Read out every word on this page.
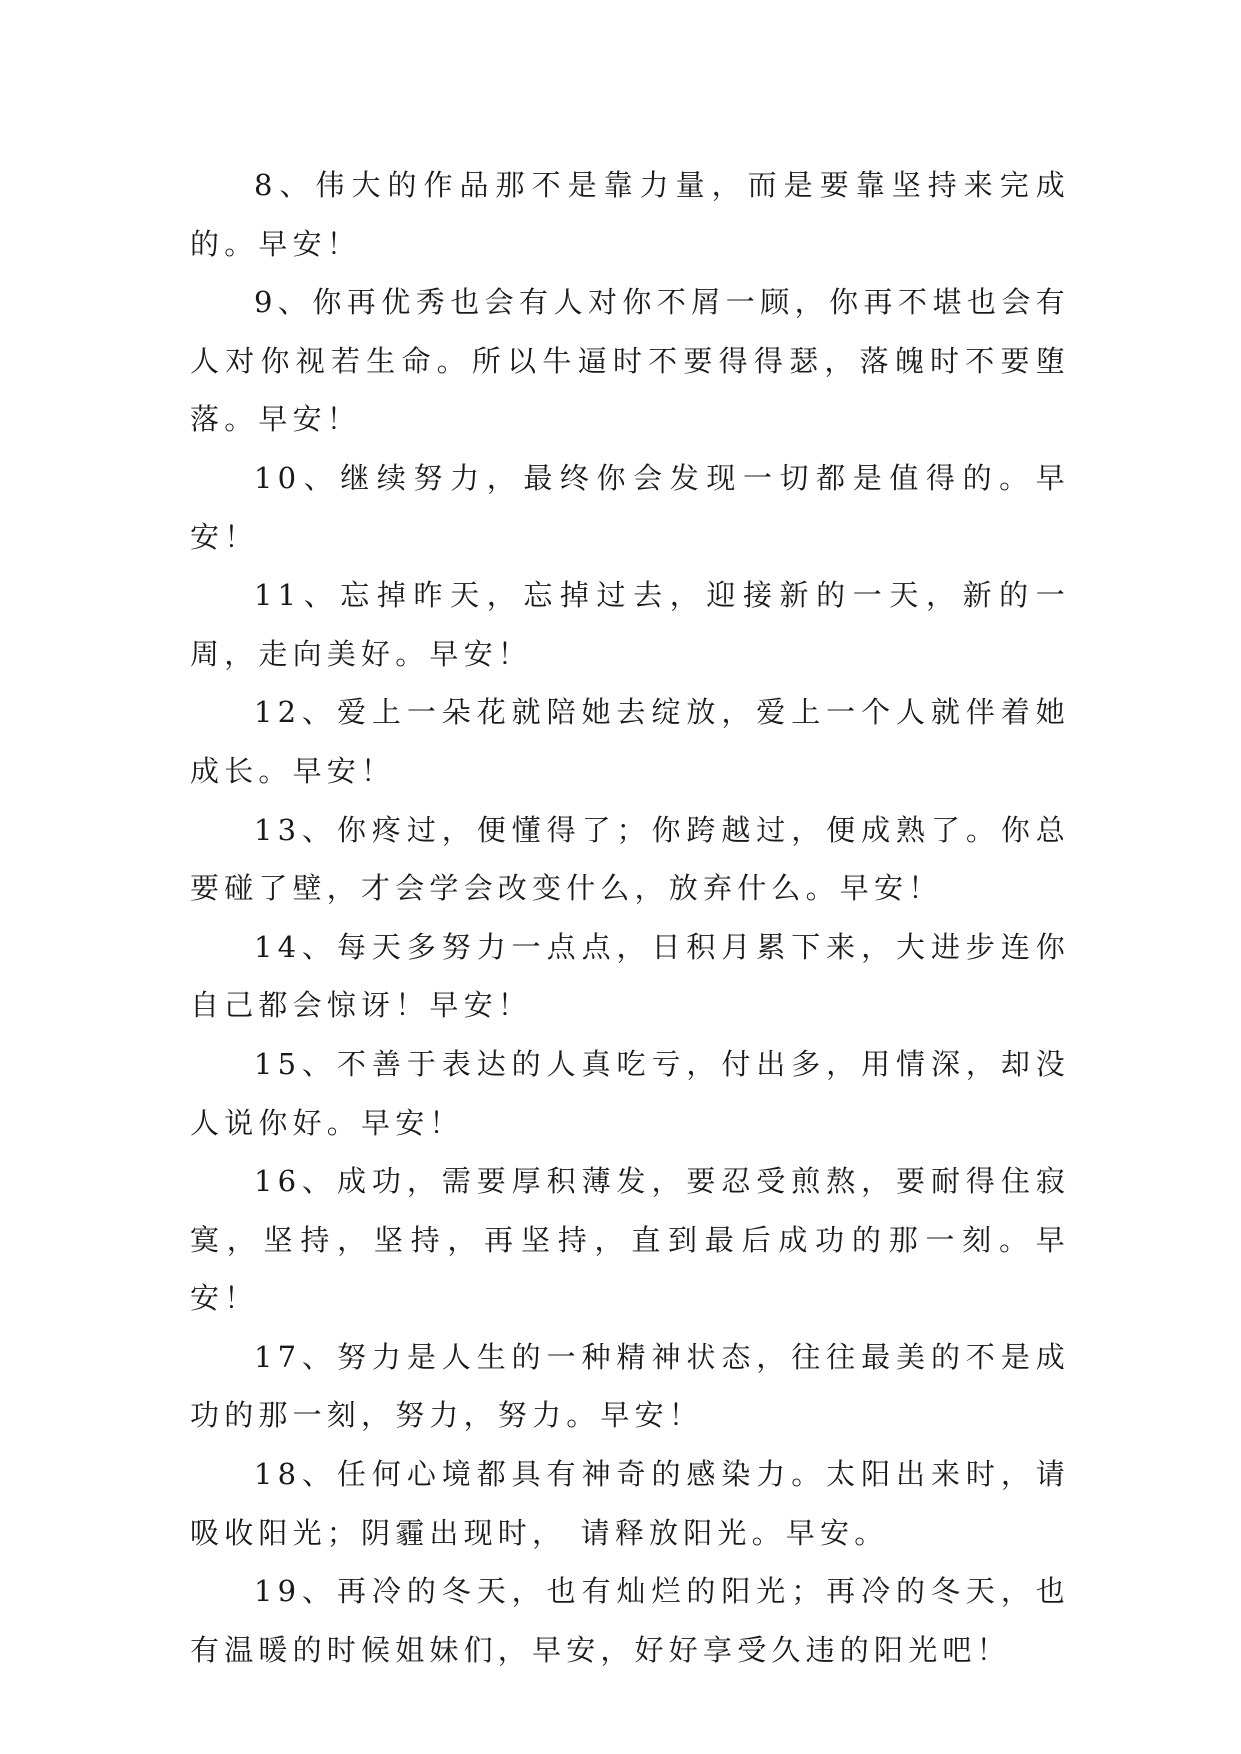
8、伟大的作品那不是靠力量，而是要靠坚持来完成的。早安！

9、你再优秀也会有人对你不屑一顾，你再不堪也会有人对你视若生命。所以牛逼时不要得得瑟，落魄时不要堕落。早安！

10、继续努力，最终你会发现一切都是值得的。早安！

11、忘掉昨天，忘掉过去，迎接新的一天，新的一周，走向美好。早安！

12、爱上一朵花就陪她去绽放，爱上一个人就伴着她成长。早安！

13、你疼过，便懂得了；你跨越过，便成熟了。你总要碰了壁，才会学会改变什么，放弃什么。早安！

14、每天多努力一点点，日积月累下来，大进步连你自己都会惊讶！早安！

15、不善于表达的人真吃亏，付出多，用情深，却没人说你好。早安！

16、成功，需要厚积薄发，要忍受煎熬，要耐得住寂寞，坚持，坚持，再坚持，直到最后成功的那一刻。早安！

17、努力是人生的一种精神状态，往往最美的不是成功的那一刻，努力，努力。早安！

18、任何心境都具有神奇的感染力。太阳出来时，请吸收阳光；阴霾出现时， 请释放阳光。早安。

19、再冷的冬天，也有灿烂的阳光；再冷的冬天，也有温暖的时候姐妹们，早安，好好享受久违的阳光吧！
